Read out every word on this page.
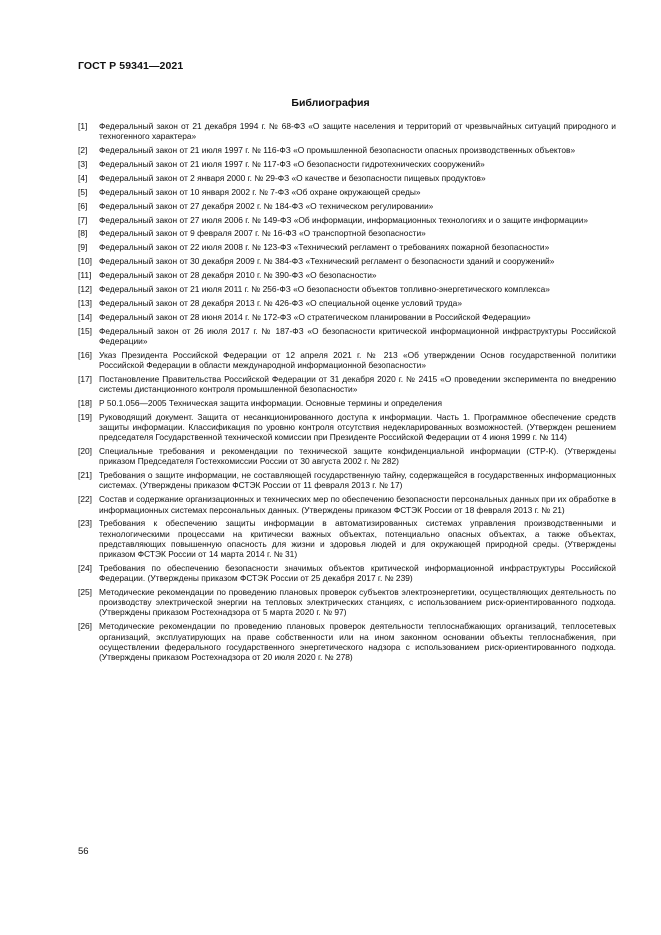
ГОСТ Р 59341—2021
Библиография
[1] Федеральный закон от 21 декабря 1994 г. № 68-ФЗ «О защите населения и территорий от чрезвычайных ситуаций природного и техногенного характера»
[2] Федеральный закон от 21 июля 1997 г. № 116-ФЗ «О промышленной безопасности опасных производственных объектов»
[3] Федеральный закон от 21 июля 1997 г. № 117-ФЗ «О безопасности гидротехнических сооружений»
[4] Федеральный закон от 2 января 2000 г. № 29-ФЗ «О качестве и безопасности пищевых продуктов»
[5] Федеральный закон от 10 января 2002 г. № 7-ФЗ «Об охране окружающей среды»
[6] Федеральный закон от 27 декабря 2002 г. № 184-ФЗ «О техническом регулировании»
[7] Федеральный закон от 27 июля 2006 г. № 149-ФЗ «Об информации, информационных технологиях и о защите информации»
[8] Федеральный закон от 9 февраля 2007 г. № 16-ФЗ «О транспортной безопасности»
[9] Федеральный закон от 22 июля 2008 г. № 123-ФЗ «Технический регламент о требованиях пожарной безопасности»
[10] Федеральный закон от 30 декабря 2009 г. № 384-ФЗ «Технический регламент о безопасности зданий и сооружений»
[11] Федеральный закон от 28 декабря 2010 г. № 390-ФЗ «О безопасности»
[12] Федеральный закон от 21 июля 2011 г. № 256-ФЗ «О безопасности объектов топливно-энергетического комплекса»
[13] Федеральный закон от 28 декабря 2013 г. № 426-ФЗ «О специальной оценке условий труда»
[14] Федеральный закон от 28 июня 2014 г. № 172-ФЗ «О стратегическом планировании в Российской Федерации»
[15] Федеральный закон от 26 июля 2017 г. № 187-ФЗ «О безопасности критической информационной инфраструктуры Российской Федерации»
[16] Указ Президента Российской Федерации от 12 апреля 2021 г. № 213 «Об утверждении Основ государственной политики Российской Федерации в области международной информационной безопасности»
[17] Постановление Правительства Российской Федерации от 31 декабря 2020 г. № 2415 «О проведении эксперимента по внедрению системы дистанционного контроля промышленной безопасности»
[18] Р 50.1.056—2005 Техническая защита информации. Основные термины и определения
[19] Руководящий документ. Защита от несанкционированного доступа к информации. Часть 1. Программное обеспечение средств защиты информации. Классификация по уровню контроля отсутствия недекларированных возможностей. (Утвержден решением председателя Государственной технической комиссии при Президенте Российской Федерации от 4 июня 1999 г. № 114)
[20] Специальные требования и рекомендации по технической защите конфиденциальной информации (СТР-К). (Утверждены приказом Председателя Гостехкомиссии России от 30 августа 2002 г. № 282)
[21] Требования о защите информации, не составляющей государственную тайну, содержащейся в государственных информационных системах. (Утверждены приказом ФСТЭК России от 11 февраля 2013 г. № 17)
[22] Состав и содержание организационных и технических мер по обеспечению безопасности персональных данных при их обработке в информационных системах персональных данных. (Утверждены приказом ФСТЭК России от 18 февраля 2013 г. № 21)
[23] Требования к обеспечению защиты информации в автоматизированных системах управления производственными и технологическими процессами на критически важных объектах, потенциально опасных объектах, а также объектах, представляющих повышенную опасность для жизни и здоровья людей и для окружающей природной среды. (Утверждены приказом ФСТЭК России от 14 марта 2014 г. № 31)
[24] Требования по обеспечению безопасности значимых объектов критической информационной инфраструктуры Российской Федерации. (Утверждены приказом ФСТЭК России от 25 декабря 2017 г. № 239)
[25] Методические рекомендации по проведению плановых проверок субъектов электроэнергетики, осуществляющих деятельность по производству электрической энергии на тепловых электрических станциях, с использованием риск-ориентированного подхода. (Утверждены приказом Ростехнадзора от 5 марта 2020 г. № 97)
[26] Методические рекомендации по проведению плановых проверок деятельности теплоснабжающих организаций, теплосетевых организаций, эксплуатирующих на праве собственности или на ином законном основании объекты теплоснабжения, при осуществлении федерального государственного энергетического надзора с использованием риск-ориентированного подхода. (Утверждены приказом Ростехнадзора от 20 июля 2020 г. № 278)
56
